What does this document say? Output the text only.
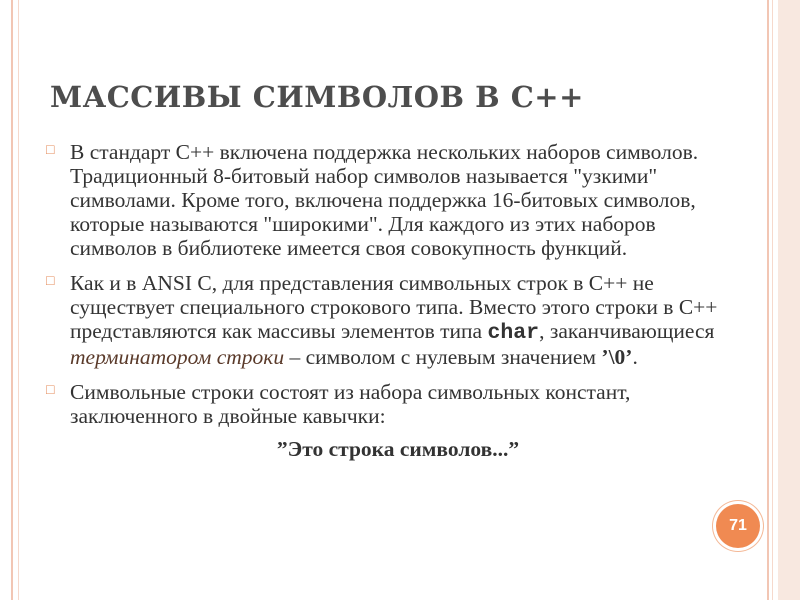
МАССИВЫ СИМВОЛОВ В C++
□ В стандарт С++ включена поддержка нескольких наборов символов. Традиционный 8-битовый набор символов называется "узкими" символами. Кроме того, включена поддержка 16-битовых символов, которые называются "широкими". Для каждого из этих наборов символов в библиотеке имеется своя совокупность функций.
□ Как и в ANSI С, для представления символьных строк в С++ не существует специального строкового типа. Вместо этого строки в С++ представляются как массивы элементов типа char, заканчивающиеся терминатором строки – символом с нулевым значением ’\0’.
□ Символьные строки состоят из набора символьных констант, заключенного в двойные кавычки:
”Это строка символов...”
71
